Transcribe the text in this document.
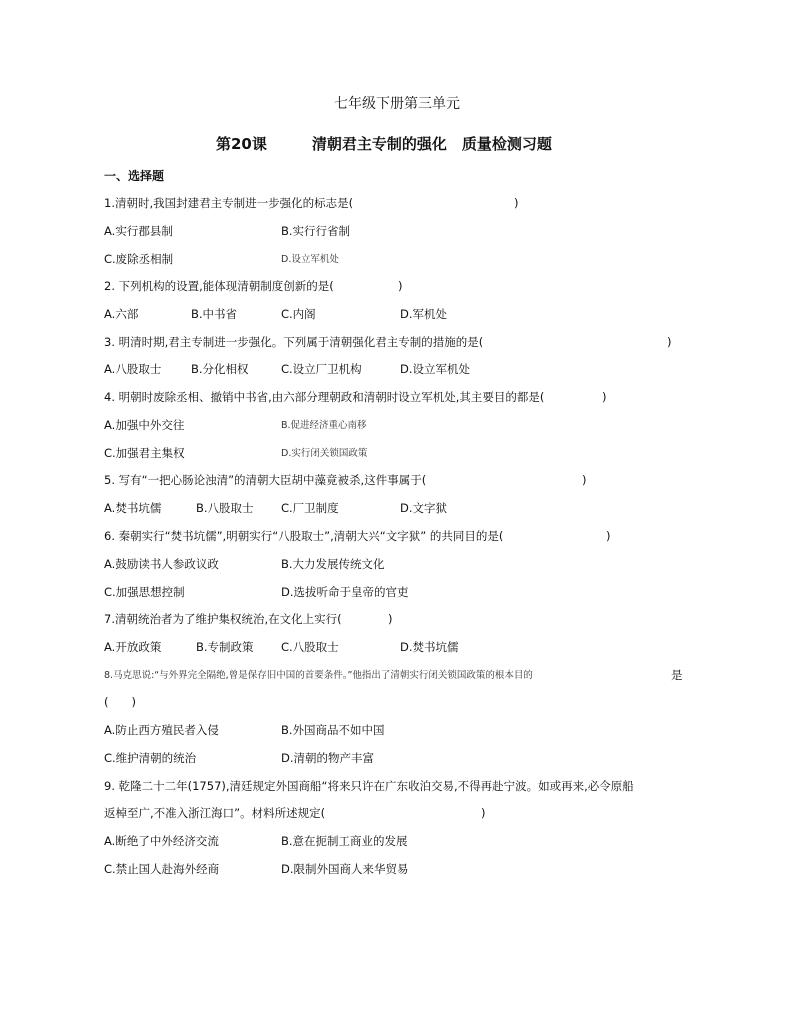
七年级下册第三单元
第20课　　　清朝君主专制的强化　质量检测习题
一、选择题
1.清朝时,我国封建君主专制进一步强化的标志是(	)
A.实行郡县制	B.实行行省制
C.废除丞相制	D.设立军机处
2. 下列机构的设置,能体现清朝制度创新的是(	)
A.六部	B.中书省	C.内阁	D.军机处
3. 明清时期,君主专制进一步强化。下列属于清朝强化君主专制的措施的是(	)
A.八股取士	B.分化相权	C.设立厂卫机构	D.设立军机处
4. 明朝时废除丞相、撤销中书省,由六部分理朝政和清朝时设立军机处,其主要目的都是(	)
A.加强中外交往	B.促进经济重心南移
C.加强君主集权	D.实行闭关锁国政策
5. 写有“一把心肠论浊清”的清朝大臣胡中藻竟被杀,这件事属于(	)
A.焚书坑儒	B.八股取士 C.厂卫制度	D.文字狱
6. 秦朝实行“焚书坑儒”,明朝实行“八股取士”,清朝大兴“文字狱” 的共同目的是(	)
A.鼓励读书人参政议政	B.大力发展传统文化
C.加强思想控制	D.选拔听命于皇帝的官吏
7.清朝统治者为了维护集权统治,在文化上实行(	)
A.开放政策	B.专制政策 C.八股取士	D.焚书坑儒
8.马克思说:“与外界完全隔绝,曾是保存旧中国的首要条件。”他指出了清朝实行闭关锁国政策的根本目的	是
(　　)
A.防止西方殖民者入侵	B.外国商品不如中国
C.维护清朝的统治	D.清朝的物产丰富
9. 乾隆二十二年(1757),清廷规定外国商船“将来只许在广东收泊交易,不得再赴宁波。如或再来,必令原船
返棹至广,不准入浙江海口”。材料所述规定(	)
A.断绝了中外经济交流	B.意在扼制工商业的发展
C.禁止国人赴海外经商	D.限制外国商人来华贸易
